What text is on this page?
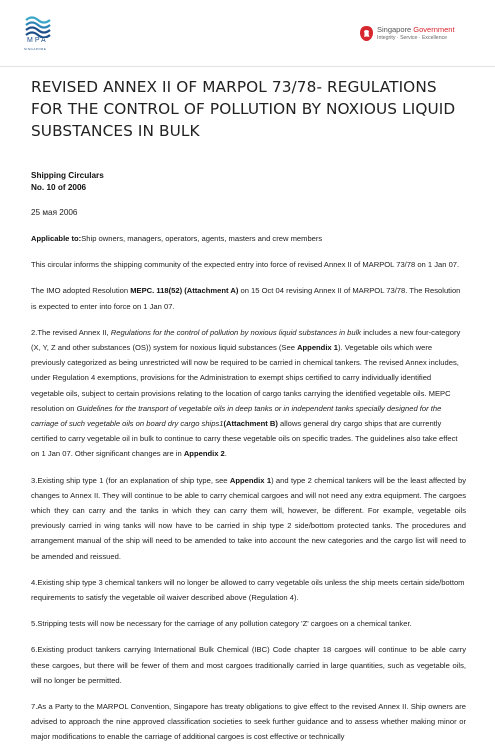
MPA
SINGAPORE
Singapore Government
Integrity · Service · Excellence
REVISED ANNEX II OF MARPOL 73/78- REGULATIONS FOR THE CONTROL OF POLLUTION BY NOXIOUS LIQUID SUBSTANCES IN BULK
Shipping Circulars
No. 10 of 2006
25 мая 2006

Applicable to:Ship owners, managers, operators, agents, masters and crew members

This circular informs the shipping community of the expected entry into force of revised Annex II of MARPOL 73/78 on 1 Jan 07.

The IMO adopted Resolution MEPC. 118(52) (Attachment A) on 15 Oct 04 revising Annex II of MARPOL 73/78. The Resolution is expected to enter into force on 1 Jan 07.

2.The revised Annex II, Regulations for the control of pollution by noxious liquid substances in bulk includes a new four-category (X, Y, Z and other substances (OS)) system for noxious liquid substances (See Appendix 1). Vegetable oils which were previously categorized as being unrestricted will now be required to be carried in chemical tankers. The revised Annex includes, under Regulation 4 exemptions, provisions for the Administration to exempt ships certified to carry individually identified vegetable oils, subject to certain provisions relating to the location of cargo tanks carrying the identified vegetable oils. MEPC resolution on Guidelines for the transport of vegetable oils in deep tanks or in independent tanks specially designed for the carriage of such vegetable oils on board dry cargo ships1(Attachment B) allows general dry cargo ships that are currently certified to carry vegetable oil in bulk to continue to carry these vegetable oils on specific trades. The guidelines also take effect on 1 Jan 07. Other significant changes are in Appendix 2.

3.Existing ship type 1 (for an explanation of ship type, see Appendix 1) and type 2 chemical tankers will be the least affected by changes to Annex II. They will continue to be able to carry chemical cargoes and will not need any extra equipment. The cargoes which they can carry and the tanks in which they can carry them will, however, be different. For example, vegetable oils previously carried in wing tanks will now have to be carried in ship type 2 side/bottom protected tanks. The procedures and arrangement manual of the ship will need to be amended to take into account the new categories and the cargo list will need to be amended and reissued.

4.Existing ship type 3 chemical tankers will no longer be allowed to carry vegetable oils unless the ship meets certain side/bottom requirements to satisfy the vegetable oil waiver described above (Regulation 4).

5.Stripping tests will now be necessary for the carriage of any pollution category 'Z' cargoes on a chemical tanker.

6.Existing product tankers carrying International Bulk Chemical (IBC) Code chapter 18 cargoes will continue to be able carry these cargoes, but there will be fewer of them and most cargoes traditionally carried in large quantities, such as vegetable oils, will no longer be permitted.

7.As a Party to the MARPOL Convention, Singapore has treaty obligations to give effect to the revised Annex II. Ship owners are advised to approach the nine approved classification societies to seek further guidance and to assess whether making minor or major modifications to enable the carriage of additional cargoes is cost effective or technically
